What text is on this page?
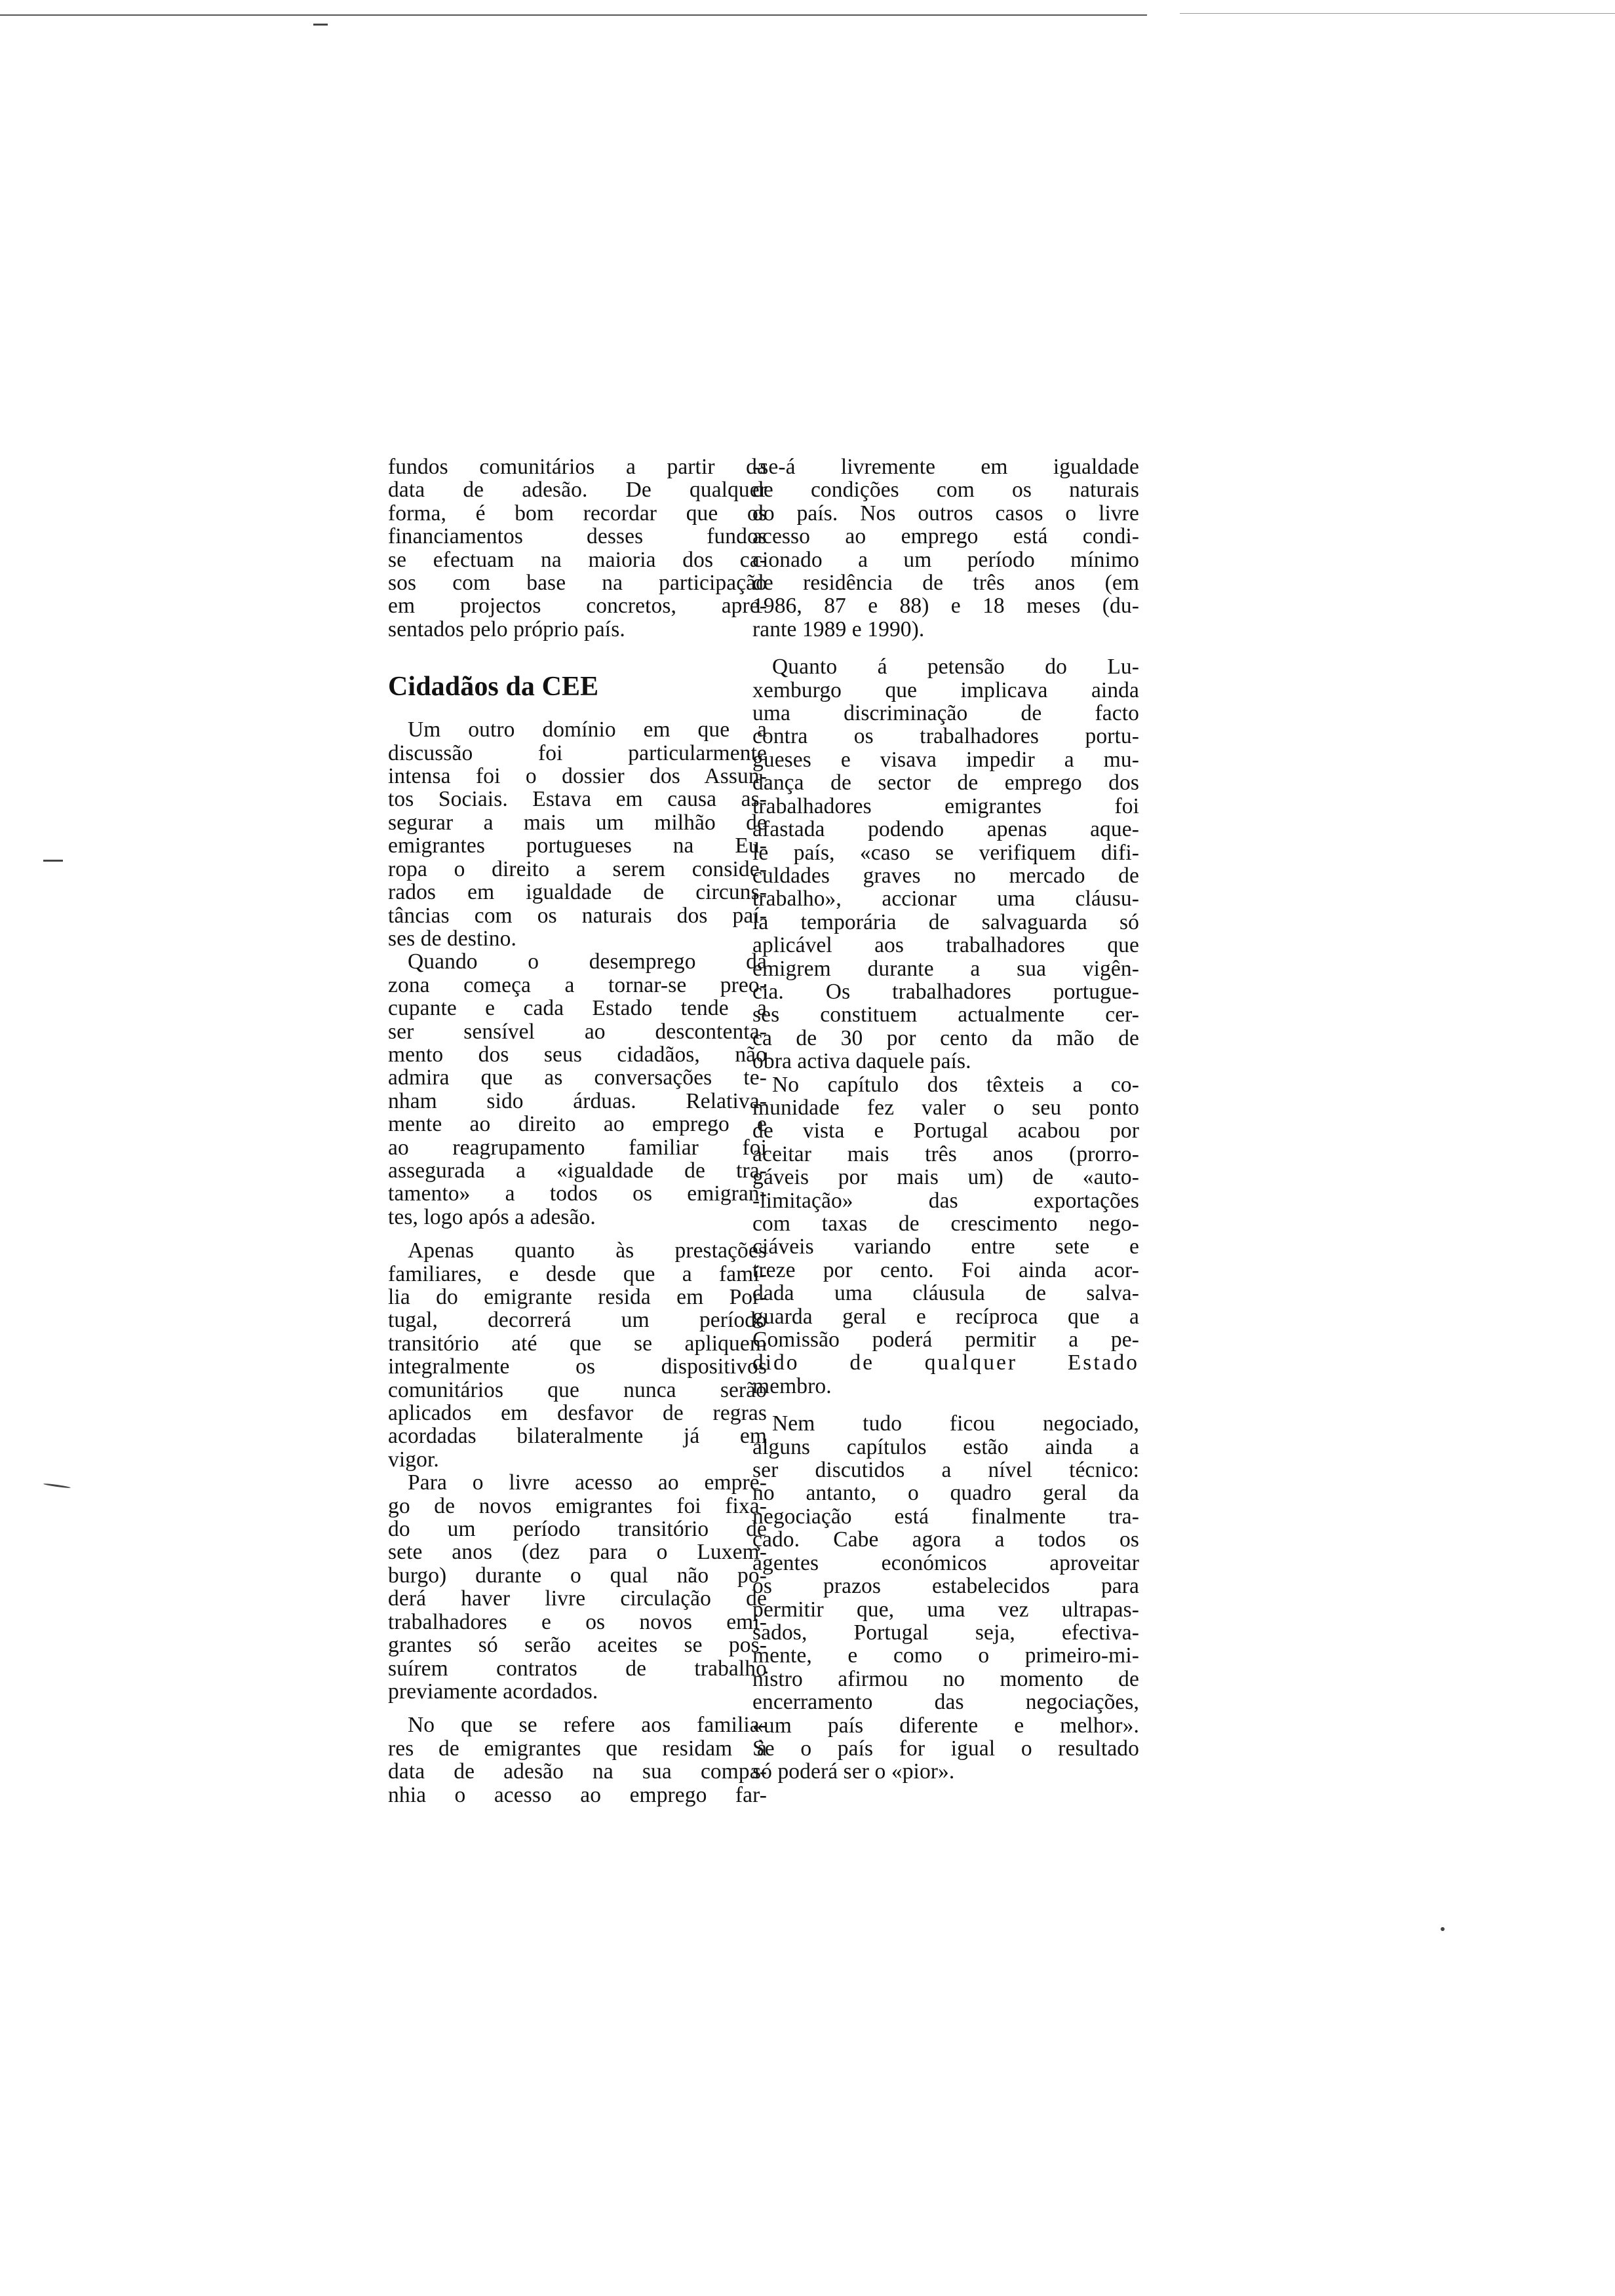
fundos comunitários a partir da
data de adesão. De qualquer
forma, é bom recordar que os
financiamentos desses fundos
se efectuam na maioria dos ca-
sos com base na participação
em projectos concretos, apre-
sentados pelo próprio país.
Cidadãos da CEE
Um outro domínio em que a
discussão foi particularmente
intensa foi o dossier dos Assun-
tos Sociais. Estava em causa as-
segurar a mais um milhão de
emigrantes portugueses na Eu-
ropa o direito a serem conside-
rados em igualdade de circuns-
tâncias com os naturais dos paí-
ses de destino.
Quando o desemprego da
zona começa a tornar-se preo-
cupante e cada Estado tende a
ser sensível ao descontenta-
mento dos seus cidadãos, não
admira que as conversações te-
nham sido árduas. Relativa-
mente ao direito ao emprego e
ao reagrupamento familiar foi
assegurada a «igualdade de tra-
tamento» a todos os emigran-
tes, logo após a adesão.
Apenas quanto às prestações
familiares, e desde que a famí-
lia do emigrante resida em Por-
tugal, decorrerá um período
transitório até que se apliquem
integralmente os dispositivos
comunitários que nunca serão
aplicados em desfavor de regras
acordadas bilateralmente já em
vigor.
Para o livre acesso ao empre-
go de novos emigrantes foi fixa-
do um período transitório de
sete anos (dez para o Luxem-
burgo) durante o qual não po-
derá haver livre circulação de
trabalhadores e os novos emi-
grantes só serão aceites se pos-
suírem contratos de trabalho
previamente acordados.
No que se refere aos familia-
res de emigrantes que residam à
data de adesão na sua compa-
nhia o acesso ao emprego far-
-se-á livremente em igualdade
de condições com os naturais
do país. Nos outros casos o livre
acesso ao emprego está condi-
cionado a um período mínimo
de residência de três anos (em
1986, 87 e 88) e 18 meses (du-
rante 1989 e 1990).
Quanto á petensão do Lu-
xemburgo que implicava ainda
uma discriminação de facto
contra os trabalhadores portu-
gueses e visava impedir a mu-
dança de sector de emprego dos
trabalhadores emigrantes foi
afastada podendo apenas aque-
le país, «caso se verifiquem difi-
culdades graves no mercado de
trabalho», accionar uma cláusu-
la temporária de salvaguarda só
aplicável aos trabalhadores que
emigrem durante a sua vigên-
cia. Os trabalhadores portugue-
ses constituem actualmente cer-
ca de 30 por cento da mão de
obra activa daquele país.
No capítulo dos têxteis a co-
munidade fez valer o seu ponto
de vista e Portugal acabou por
aceitar mais três anos (prorro-
gáveis por mais um) de «auto-
-limitação» das exportações
com taxas de crescimento nego-
ciáveis variando entre sete e
treze por cento. Foi ainda acor-
dada uma cláusula de salva-
guarda geral e recíproca que a
Comissão poderá permitir a pe-
dido de qualquer Estado
membro.
Nem tudo ficou negociado,
alguns capítulos estão ainda a
ser discutidos a nível técnico:
no antanto, o quadro geral da
negociação está finalmente tra-
çado. Cabe agora a todos os
agentes económicos aproveitar
os prazos estabelecidos para
permitir que, uma vez ultrapas-
sados, Portugal seja, efectiva-
mente, e como o primeiro-mi-
nistro afirmou no momento de
encerramento das negociações,
«um país diferente e melhor».
Se o país for igual o resultado
só poderá ser o «pior».
